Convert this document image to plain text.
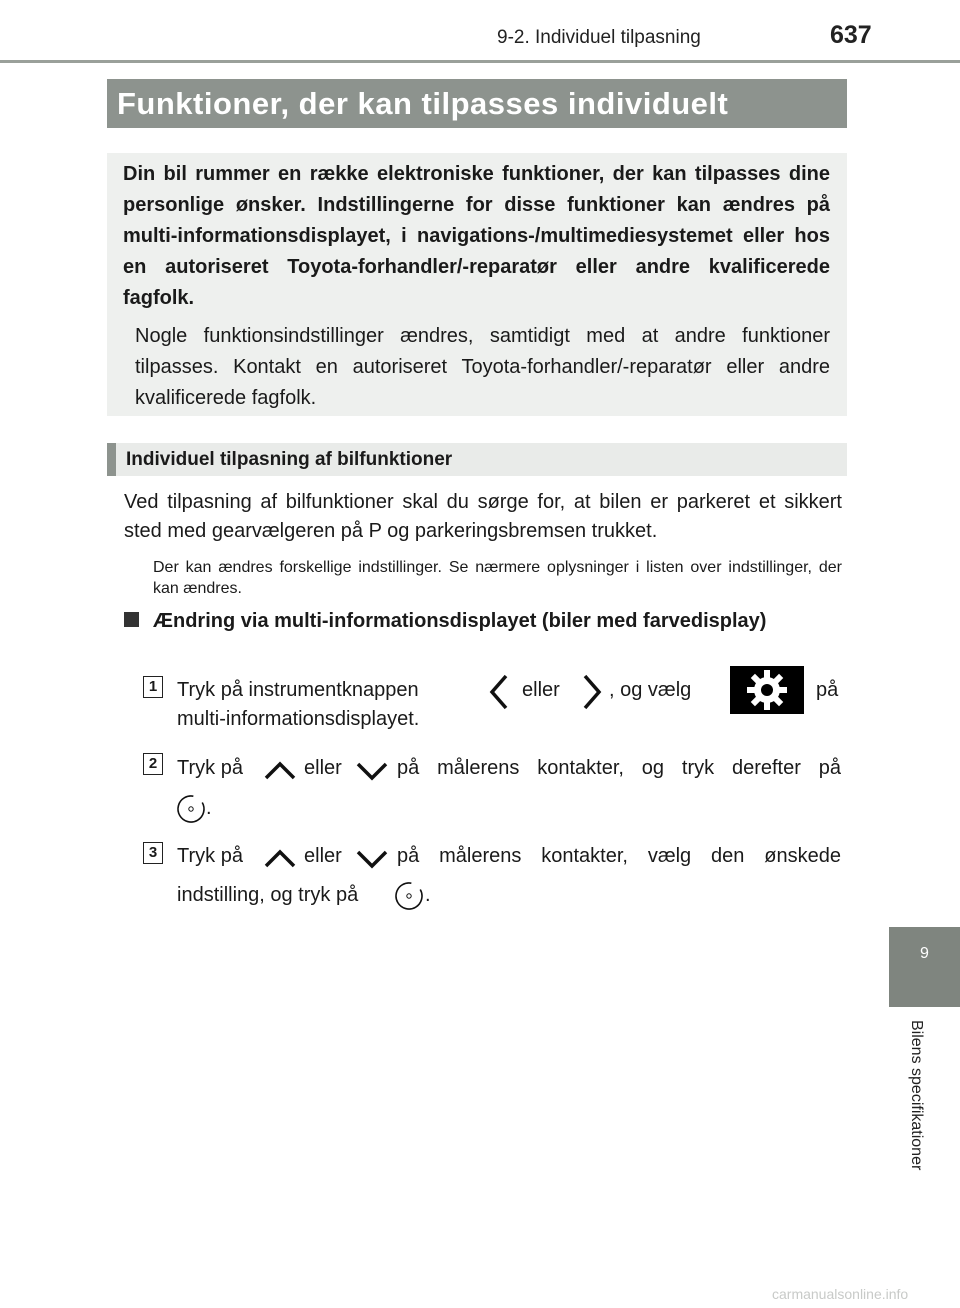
9-2. Individuel tilpasning	637
Funktioner, der kan tilpasses individuelt

Din bil rummer en række elektroniske funktioner, der kan tilpasses dine personlige ønsker. Indstillingerne for disse funktioner kan ændres på multi-informationsdisplayet, i navigations-/multimediesystemet eller hos en autoriseret Toyota-forhandler/-reparatør eller andre kvalificerede fagfolk.

Nogle funktionsindstillinger ændres, samtidigt med at andre funktioner tilpasses. Kontakt en autoriseret Toyota-forhandler/-reparatør eller andre kvalificerede fagfolk.

Individuel tilpasning af bilfunktioner

Ved tilpasning af bilfunktioner skal du sørge for, at bilen er parkeret et sikkert sted med gearvælgeren på P og parkeringsbremsen trukket.

Der kan ændres forskellige indstillinger. Se nærmere oplysninger i listen over indstillinger, der kan ændres.

Ændring via multi-informationsdisplayet (biler med farvedisplay)

1 Tryk på instrumentknappen	eller , og vælg	på
multi-informationsdisplayet.
2 Tryk på	eller	på målerens kontakter, og tryk derefter på
.
3 Tryk på	eller	på målerens kontakter, vælg den ønskede
indstilling, og tryk på	.
9
Bilens specifikationer
carmanualsonline.info
